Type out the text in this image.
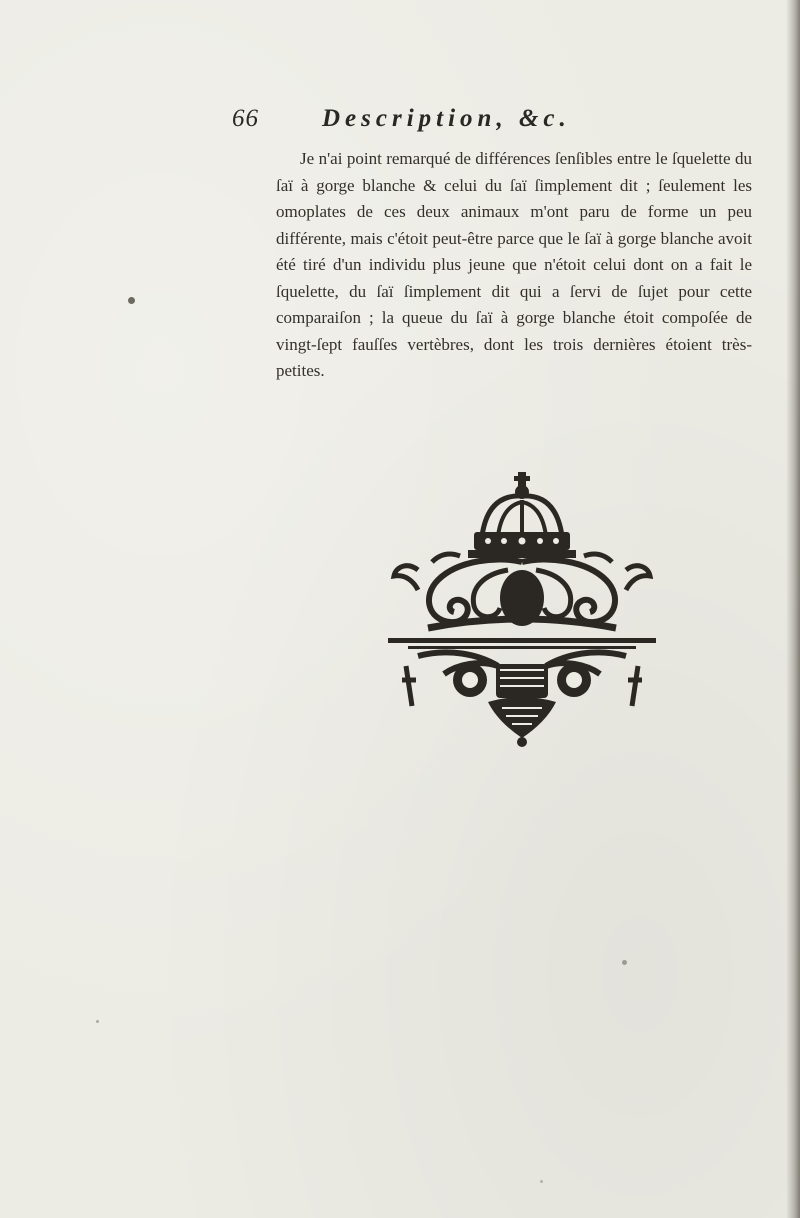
66	Description, &c.

Je n'ai point remarqué de différences ſenſibles entre le ſquelette du ſaï à gorge blanche & celui du ſaï ſimplement dit ; ſeulement les omoplates de ces deux animaux m'ont paru de forme un peu différente, mais c'étoit peut-être parce que le ſaï à gorge blanche avoit été tiré d'un individu plus jeune que n'étoit celui dont on a fait le ſquelette, du ſaï ſimplement dit qui a ſervi de ſujet pour cette comparaiſon ; la queue du ſaï à gorge blanche étoit compoſée de vingt-ſept fauſſes vertèbres, dont les trois dernières étoient très-petites.
